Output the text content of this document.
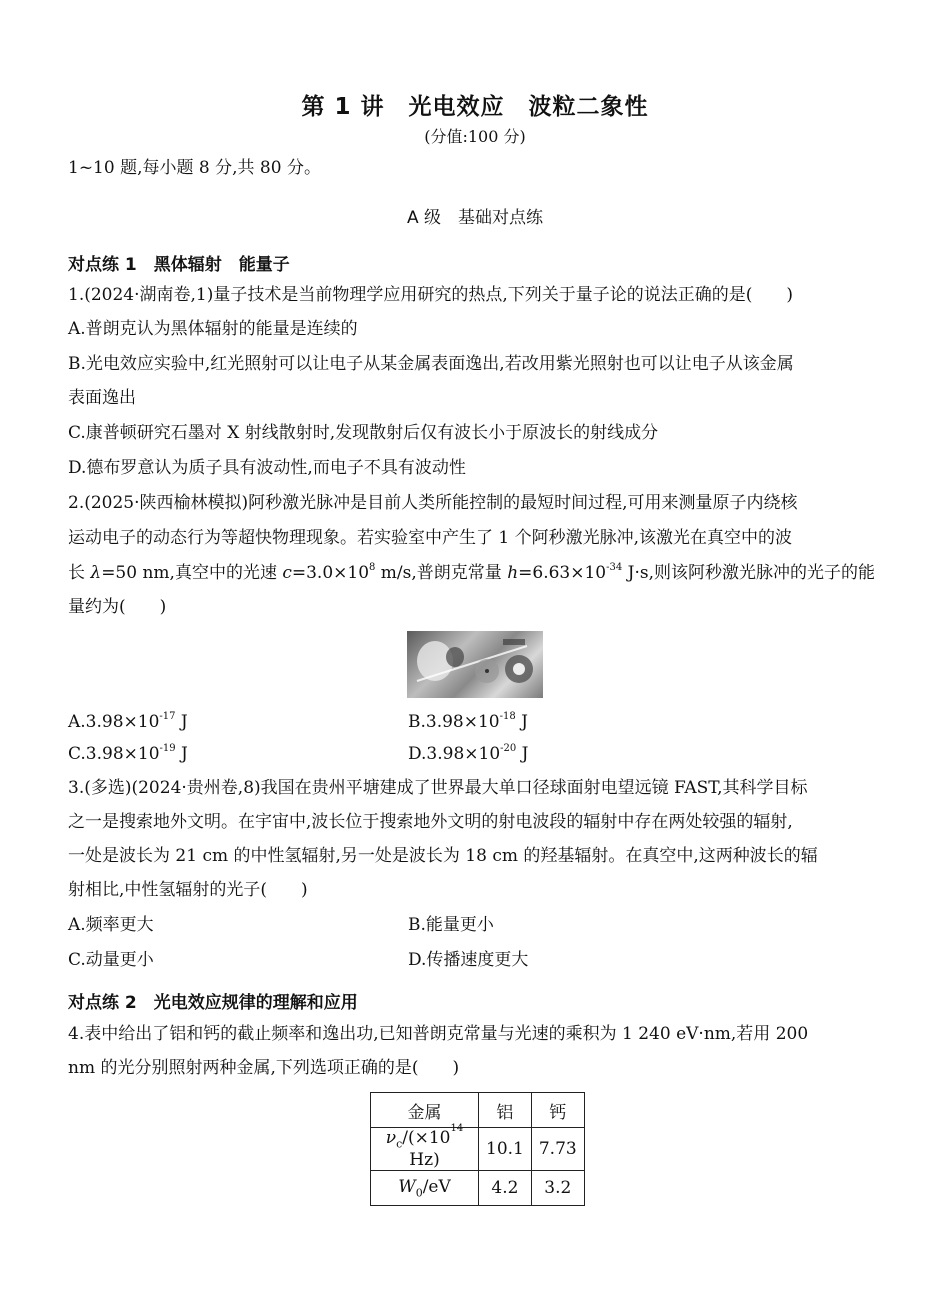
第 1 讲　光电效应　波粒二象性
(分值:100 分)
1~10 题,每小题 8 分,共 80 分。
A 级　基础对点练
对点练 1　黑体辐射　能量子
1.(2024·湖南卷,1)量子技术是当前物理学应用研究的热点,下列关于量子论的说法正确的是(　　)
A.普朗克认为黑体辐射的能量是连续的
B.光电效应实验中,红光照射可以让电子从某金属表面逸出,若改用紫光照射也可以让电子从该金属
表面逸出
C.康普顿研究石墨对 X 射线散射时,发现散射后仅有波长小于原波长的射线成分
D.德布罗意认为质子具有波动性,而电子不具有波动性
2.(2025·陕西榆林模拟)阿秒激光脉冲是目前人类所能控制的最短时间过程,可用来测量原子内绕核
运动电子的动态行为等超快物理现象。若实验室中产生了 1 个阿秒激光脉冲,该激光在真空中的波
长 λ=50 nm,真空中的光速 $c=3.0\times 10^8$ m/s,普朗克常量 $h=6.63\times 10^{-34}$ J·s,则该阿秒激光脉冲的光子的能
量约为(　　)
$A.3.98\times 10^{-17}$ J	$B.3.98\times 10^{-18}$ J
$C.3.98\times 10^{-19}$ J	$D.3.98\times 10^{-20}$ J
3.(多选)(2024·贵州卷,8)我国在贵州平塘建成了世界最大单口径球面射电望远镜 FAST,其科学目标
之一是搜索地外文明。在宇宙中,波长位于搜索地外文明的射电波段的辐射中存在两处较强的辐射,
一处是波长为 21 cm 的中性氢辐射,另一处是波长为 18 cm 的羟基辐射。在真空中,这两种波长的辐
射相比,中性氢辐射的光子(　　)
A.频率更大	B.能量更小
C.动量更小	D.传播速度更大
对点练 2　光电效应规律的理解和应用
4.表中给出了铝和钙的截止频率和逸出功,已知普朗克常量与光速的乘积为 1 240 eV·nm,若用 200
nm 的光分别照射两种金属,下列选项正确的是(　　)
金属	铝	钙
$\nu_c/(\times 10^{14}$ Hz)	10.1	7.73
$W_0/eV$	4.2	3.2
